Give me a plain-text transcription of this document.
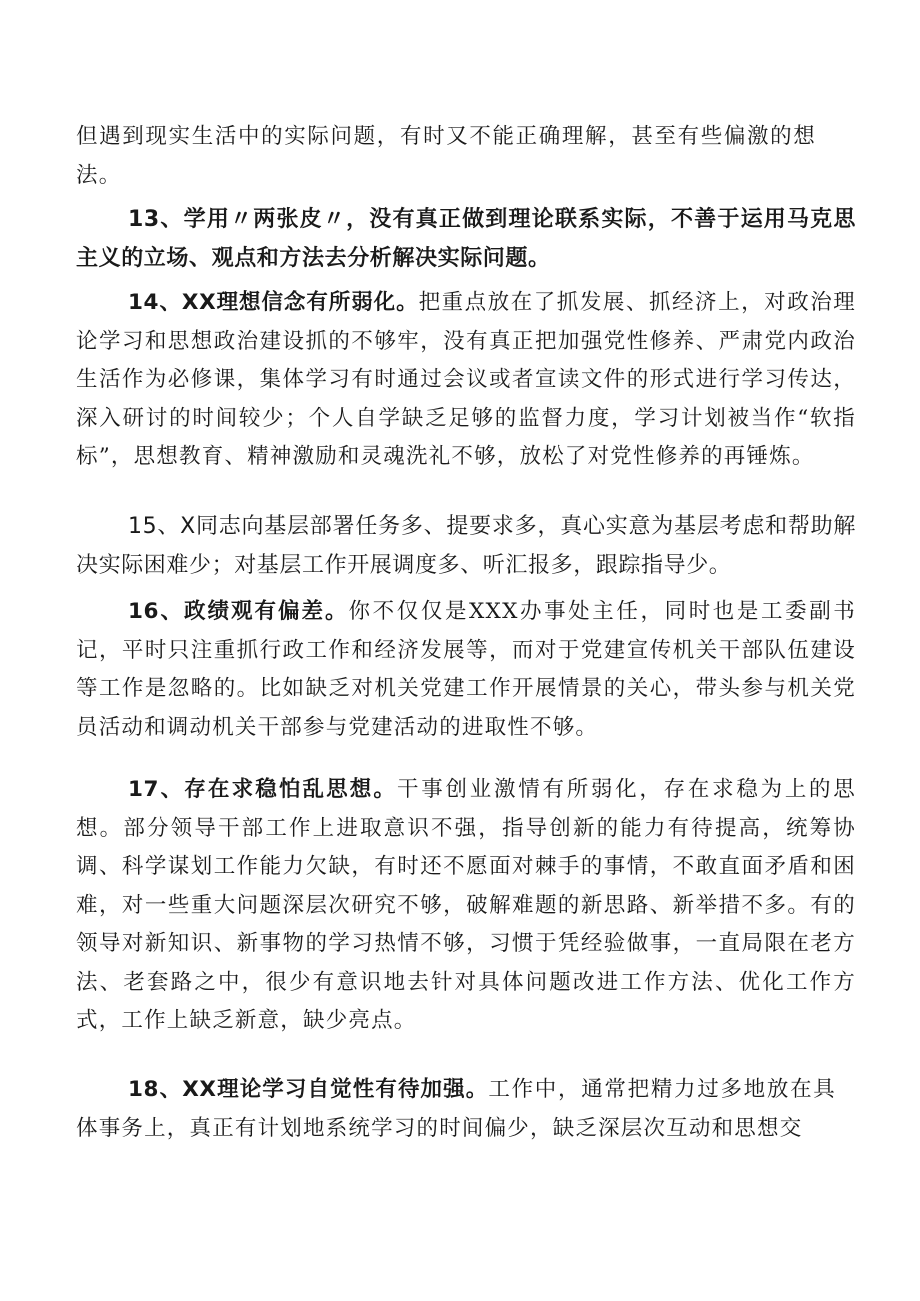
但遇到现实生活中的实际问题，有时又不能正确理解，甚至有些偏激的想法。

13、学用〃两张皮〃，没有真正做到理论联系实际，不善于运用马克思主义的立场、观点和方法去分析解决实际问题。

14、XX理想信念有所弱化。把重点放在了抓发展、抓经济上，对政治理论学习和思想政治建设抓的不够牢，没有真正把加强党性修养、严肃党内政治生活作为必修课，集体学习有时通过会议或者宣读文件的形式进行学习传达，深入研讨的时间较少；个人自学缺乏足够的监督力度，学习计划被当作“软指标”，思想教育、精神激励和灵魂洗礼不够，放松了对党性修养的再锤炼。

15、X同志向基层部署任务多、提要求多，真心实意为基层考虑和帮助解决实际困难少；对基层工作开展调度多、听汇报多，跟踪指导少。

16、政绩观有偏差。你不仅仅是XXX办事处主任，同时也是工委副书记，平时只注重抓行政工作和经济发展等，而对于党建宣传机关干部队伍建设等工作是忽略的。比如缺乏对机关党建工作开展情景的关心，带头参与机关党员活动和调动机关干部参与党建活动的进取性不够。

17、存在求稳怕乱思想。干事创业激情有所弱化，存在求稳为上的思想。部分领导干部工作上进取意识不强，指导创新的能力有待提高，统筹协调、科学谋划工作能力欠缺，有时还不愿面对棘手的事情，不敢直面矛盾和困难，对一些重大问题深层次研究不够，破解难题的新思路、新举措不多。有的领导对新知识、新事物的学习热情不够，习惯于凭经验做事，一直局限在老方法、老套路之中，很少有意识地去针对具体问题改进工作方法、优化工作方式，工作上缺乏新意，缺少亮点。

18、XX理论学习自觉性有待加强。工作中，通常把精力过多地放在具体事务上，真正有计划地系统学习的时间偏少，缺乏深层次互动和思想交
